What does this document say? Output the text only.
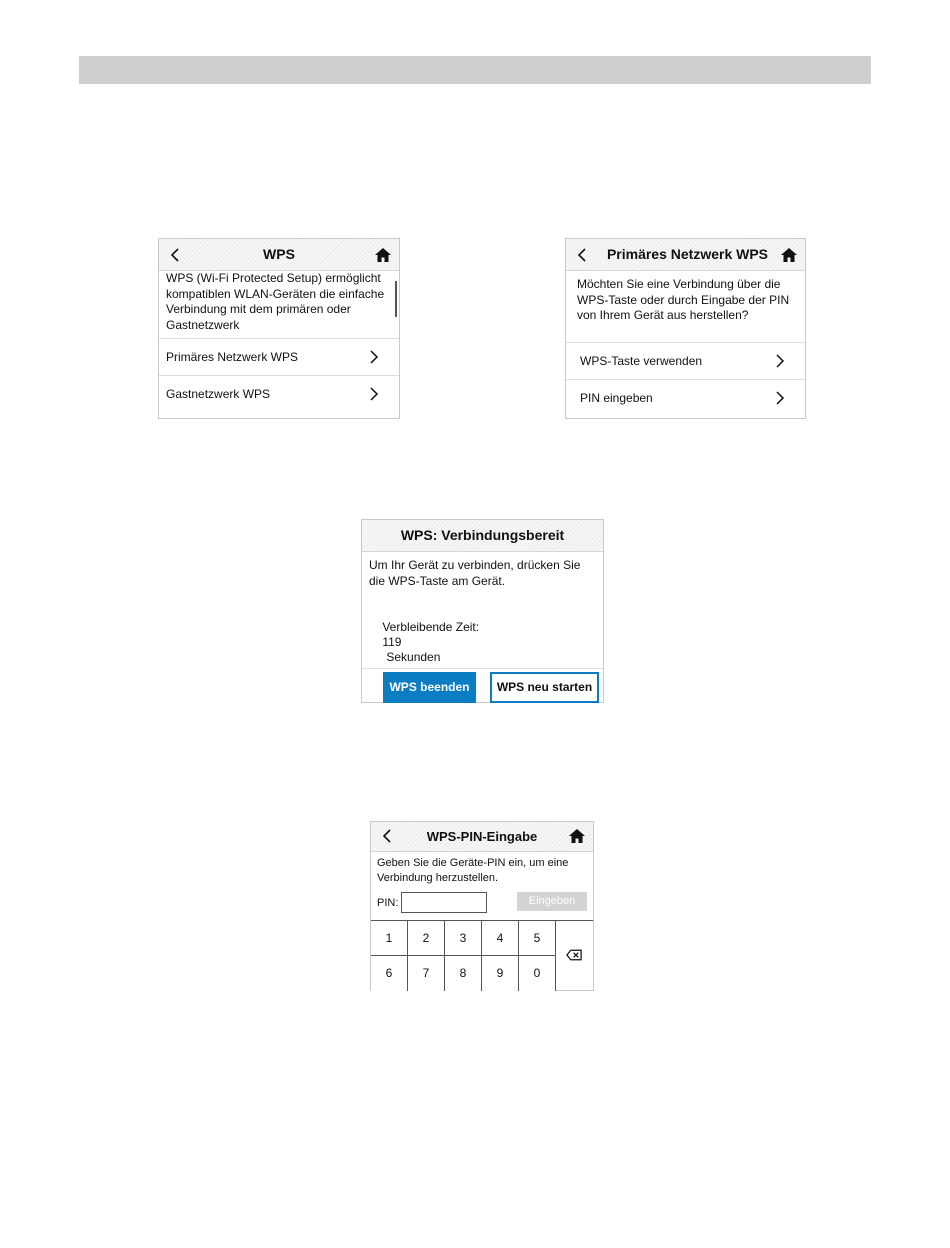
WPS
WPS (Wi-Fi Protected Setup) ermöglicht kompatiblen WLAN-Geräten die einfache Verbindung mit dem primären oder Gastnetzwerk
Primäres Netzwerk WPS
Gastnetzwerk WPS
Primäres Netzwerk WPS
Möchten Sie eine Verbindung über die WPS-Taste oder durch Eingabe der PIN von Ihrem Gerät aus herstellen?
WPS-Taste verwenden
PIN eingeben
WPS: Verbindungsbereit
Um Ihr Gerät zu verbinden, drücken Sie die WPS-Taste am Gerät.

Verbleibende Zeit:
119
Sekunden

WPS beenden	WPS neu starten
WPS-PIN-Eingabe
Geben Sie die Geräte-PIN ein, um eine Verbindung herzustellen.
PIN:	Eingeben
1	2	3	4	5
6	7	8	9	0
